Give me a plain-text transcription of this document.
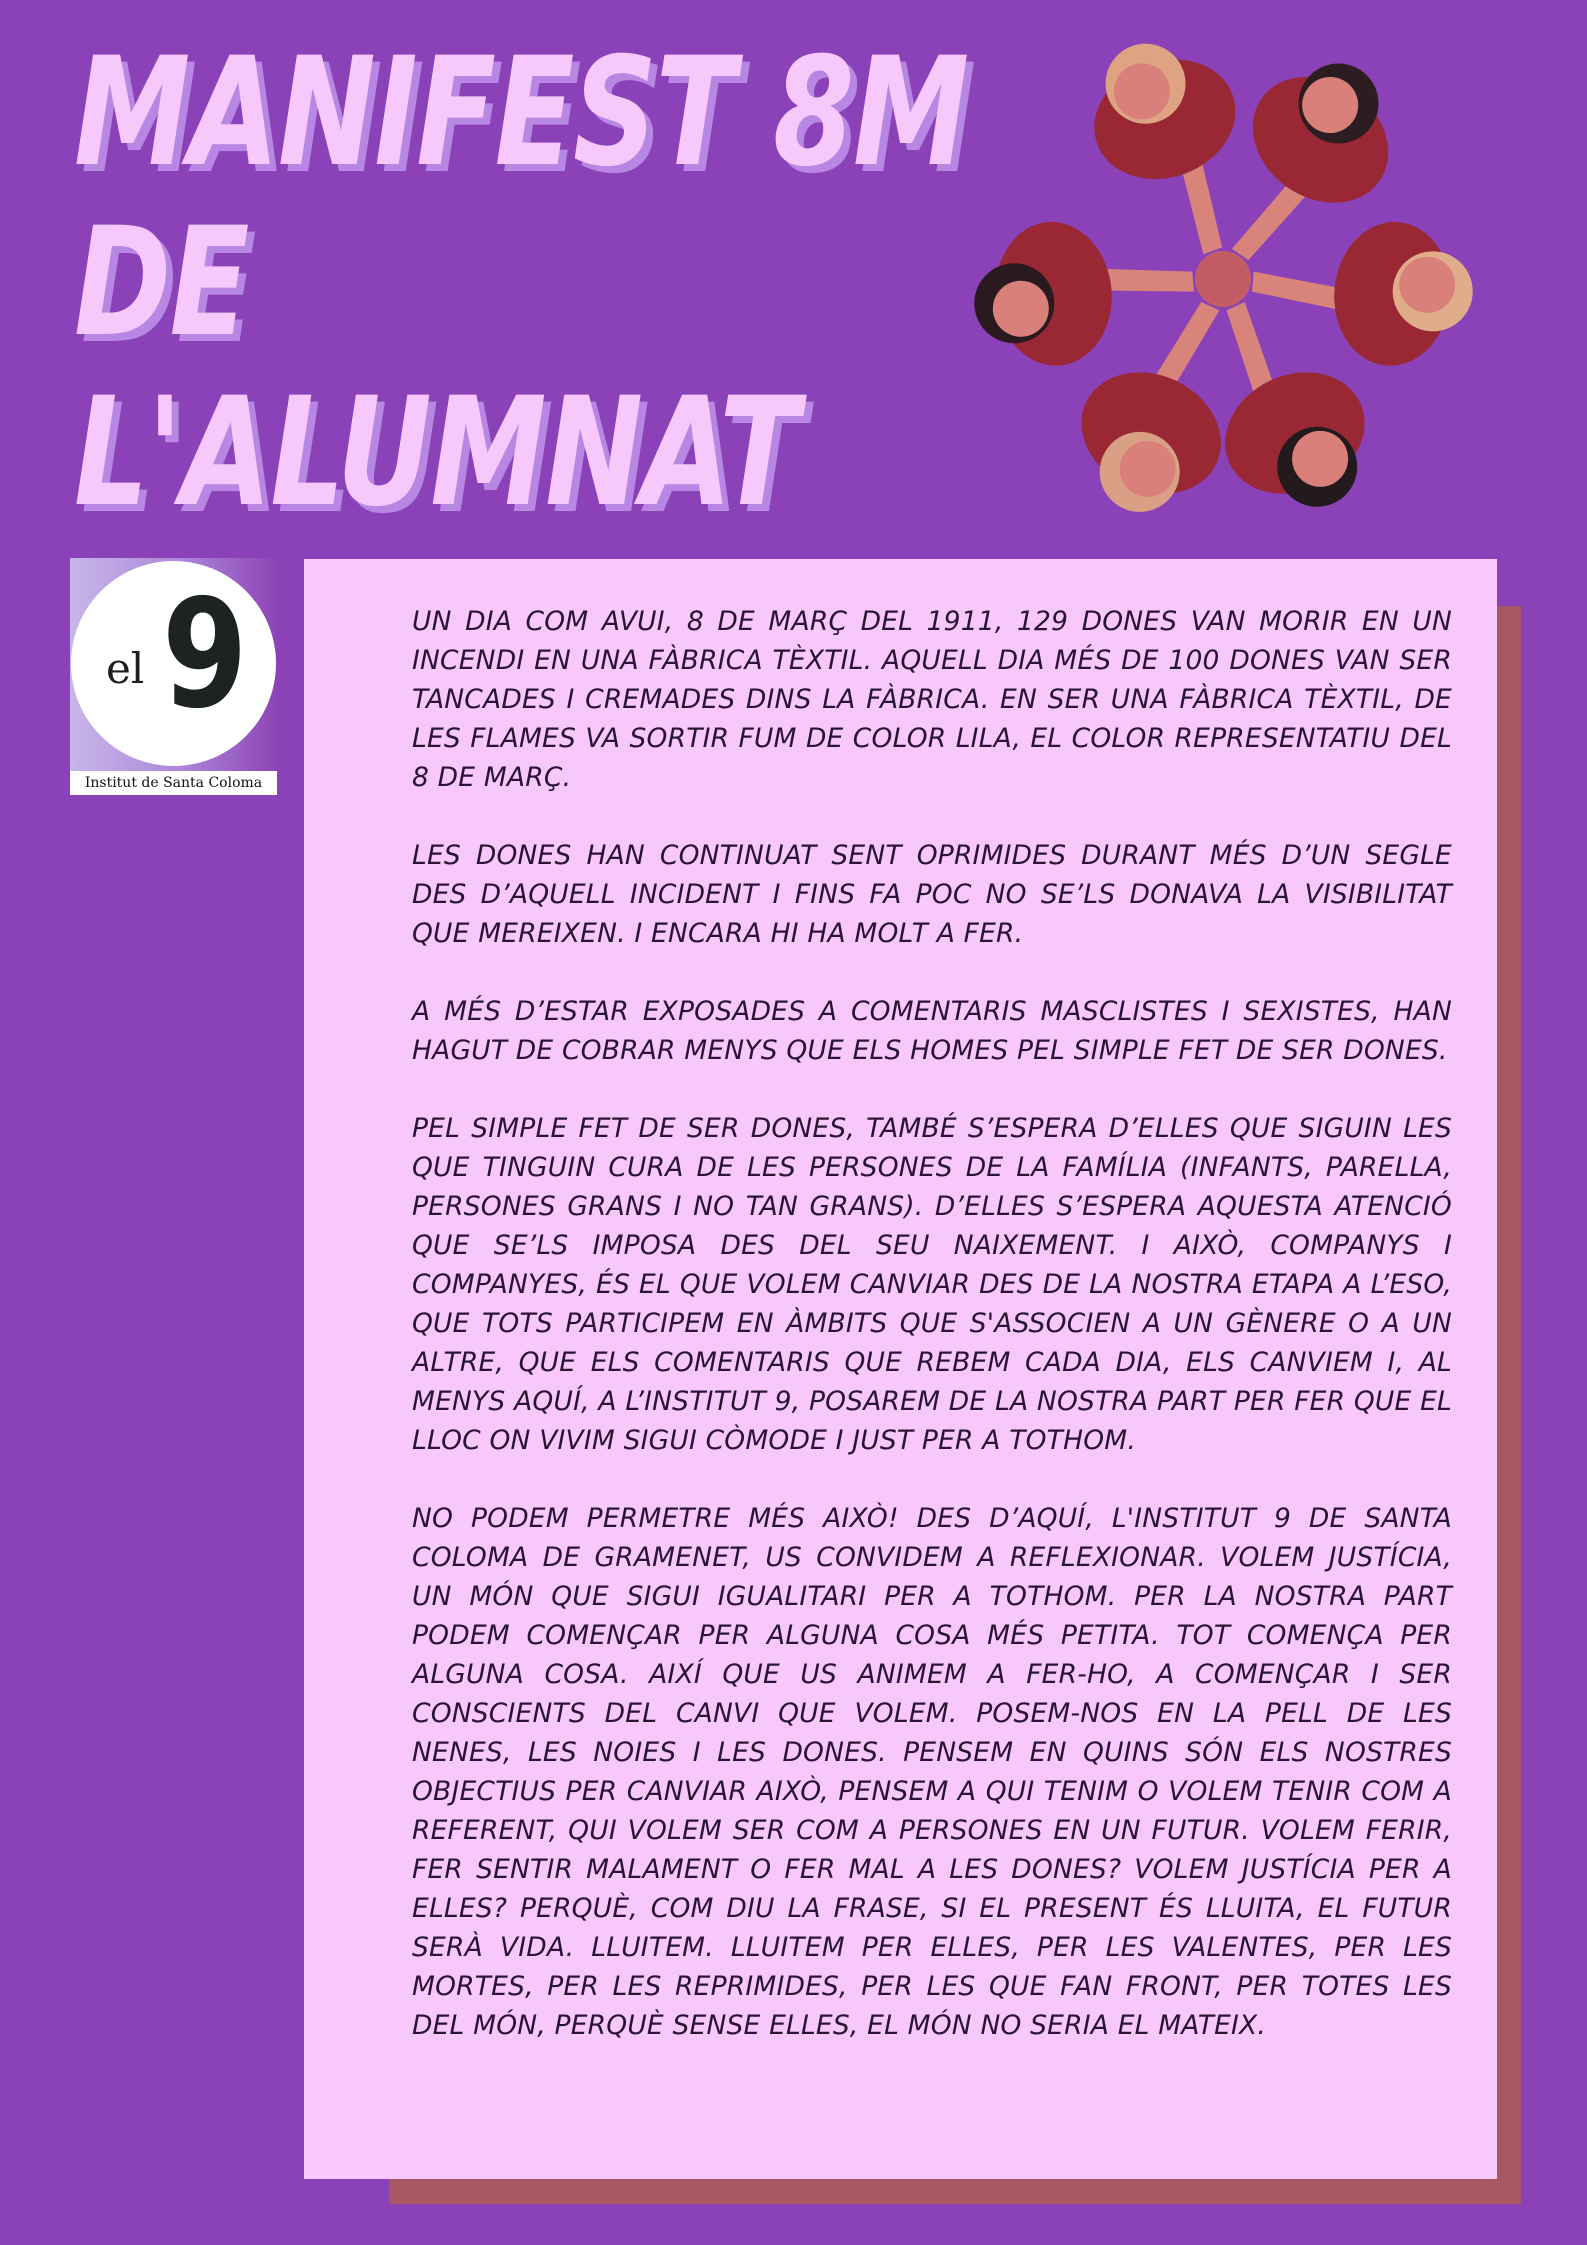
MANIFEST 8M
DE
L'ALUMNAT
el 9
Institut de Santa Coloma

UN DIA COM AVUI, 8 DE MARÇ DEL 1911, 129 DONES VAN MORIR EN UN INCENDI EN UNA FÀBRICA TÈXTIL. AQUELL DIA MÉS DE 100 DONES VAN SER TANCADES I CREMADES DINS LA FÀBRICA. EN SER UNA FÀBRICA TÈXTIL, DE LES FLAMES VA SORTIR FUM DE COLOR LILA, EL COLOR REPRESENTATIU DEL 8 DE MARÇ.

LES DONES HAN CONTINUAT SENT OPRIMIDES DURANT MÉS D’UN SEGLE DES D’AQUELL INCIDENT I FINS FA POC NO SE’LS DONAVA LA VISIBILITAT QUE MEREIXEN. I ENCARA HI HA MOLT A FER.

A MÉS D’ESTAR EXPOSADES A COMENTARIS MASCLISTES I SEXISTES, HAN HAGUT DE COBRAR MENYS QUE ELS HOMES PEL SIMPLE FET DE SER DONES.

PEL SIMPLE FET DE SER DONES, TAMBÉ S’ESPERA D’ELLES QUE SIGUIN LES QUE TINGUIN CURA DE LES PERSONES DE LA FAMÍLIA (INFANTS, PARELLA, PERSONES GRANS I NO TAN GRANS). D’ELLES S’ESPERA AQUESTA ATENCIÓ QUE SE’LS IMPOSA DES DEL SEU NAIXEMENT. I AIXÒ, COMPANYS I COMPANYES, ÉS EL QUE VOLEM CANVIAR DES DE LA NOSTRA ETAPA A L’ESO, QUE TOTS PARTICIPEM EN ÀMBITS QUE S'ASSOCIEN A UN GÈNERE O A UN ALTRE, QUE ELS COMENTARIS QUE REBEM CADA DIA, ELS CANVIEM I, AL MENYS AQUÍ, A L’INSTITUT 9, POSAREM DE LA NOSTRA PART PER FER QUE EL LLOC ON VIVIM SIGUI CÒMODE I JUST PER A TOTHOM.

NO PODEM PERMETRE MÉS AIXÒ! DES D’AQUÍ, L'INSTITUT 9 DE SANTA COLOMA DE GRAMENET, US CONVIDEM A REFLEXIONAR. VOLEM JUSTÍCIA, UN MÓN QUE SIGUI IGUALITARI PER A TOTHOM. PER LA NOSTRA PART PODEM COMENÇAR PER ALGUNA COSA MÉS PETITA. TOT COMENÇA PER ALGUNA COSA. AIXÍ QUE US ANIMEM A FER-HO, A COMENÇAR I SER CONSCIENTS DEL CANVI QUE VOLEM. POSEM-NOS EN LA PELL DE LES NENES, LES NOIES I LES DONES. PENSEM EN QUINS SÓN ELS NOSTRES OBJECTIUS PER CANVIAR AIXÒ, PENSEM A QUI TENIM O VOLEM TENIR COM A REFERENT, QUI VOLEM SER COM A PERSONES EN UN FUTUR. VOLEM FERIR, FER SENTIR MALAMENT O FER MAL A LES DONES? VOLEM JUSTÍCIA PER A ELLES? PERQUÈ, COM DIU LA FRASE, SI EL PRESENT ÉS LLUITA, EL FUTUR SERÀ VIDA. LLUITEM. LLUITEM PER ELLES, PER LES VALENTES, PER LES MORTES, PER LES REPRIMIDES, PER LES QUE FAN FRONT, PER TOTES LES DEL MÓN, PERQUÈ SENSE ELLES, EL MÓN NO SERIA EL MATEIX.
